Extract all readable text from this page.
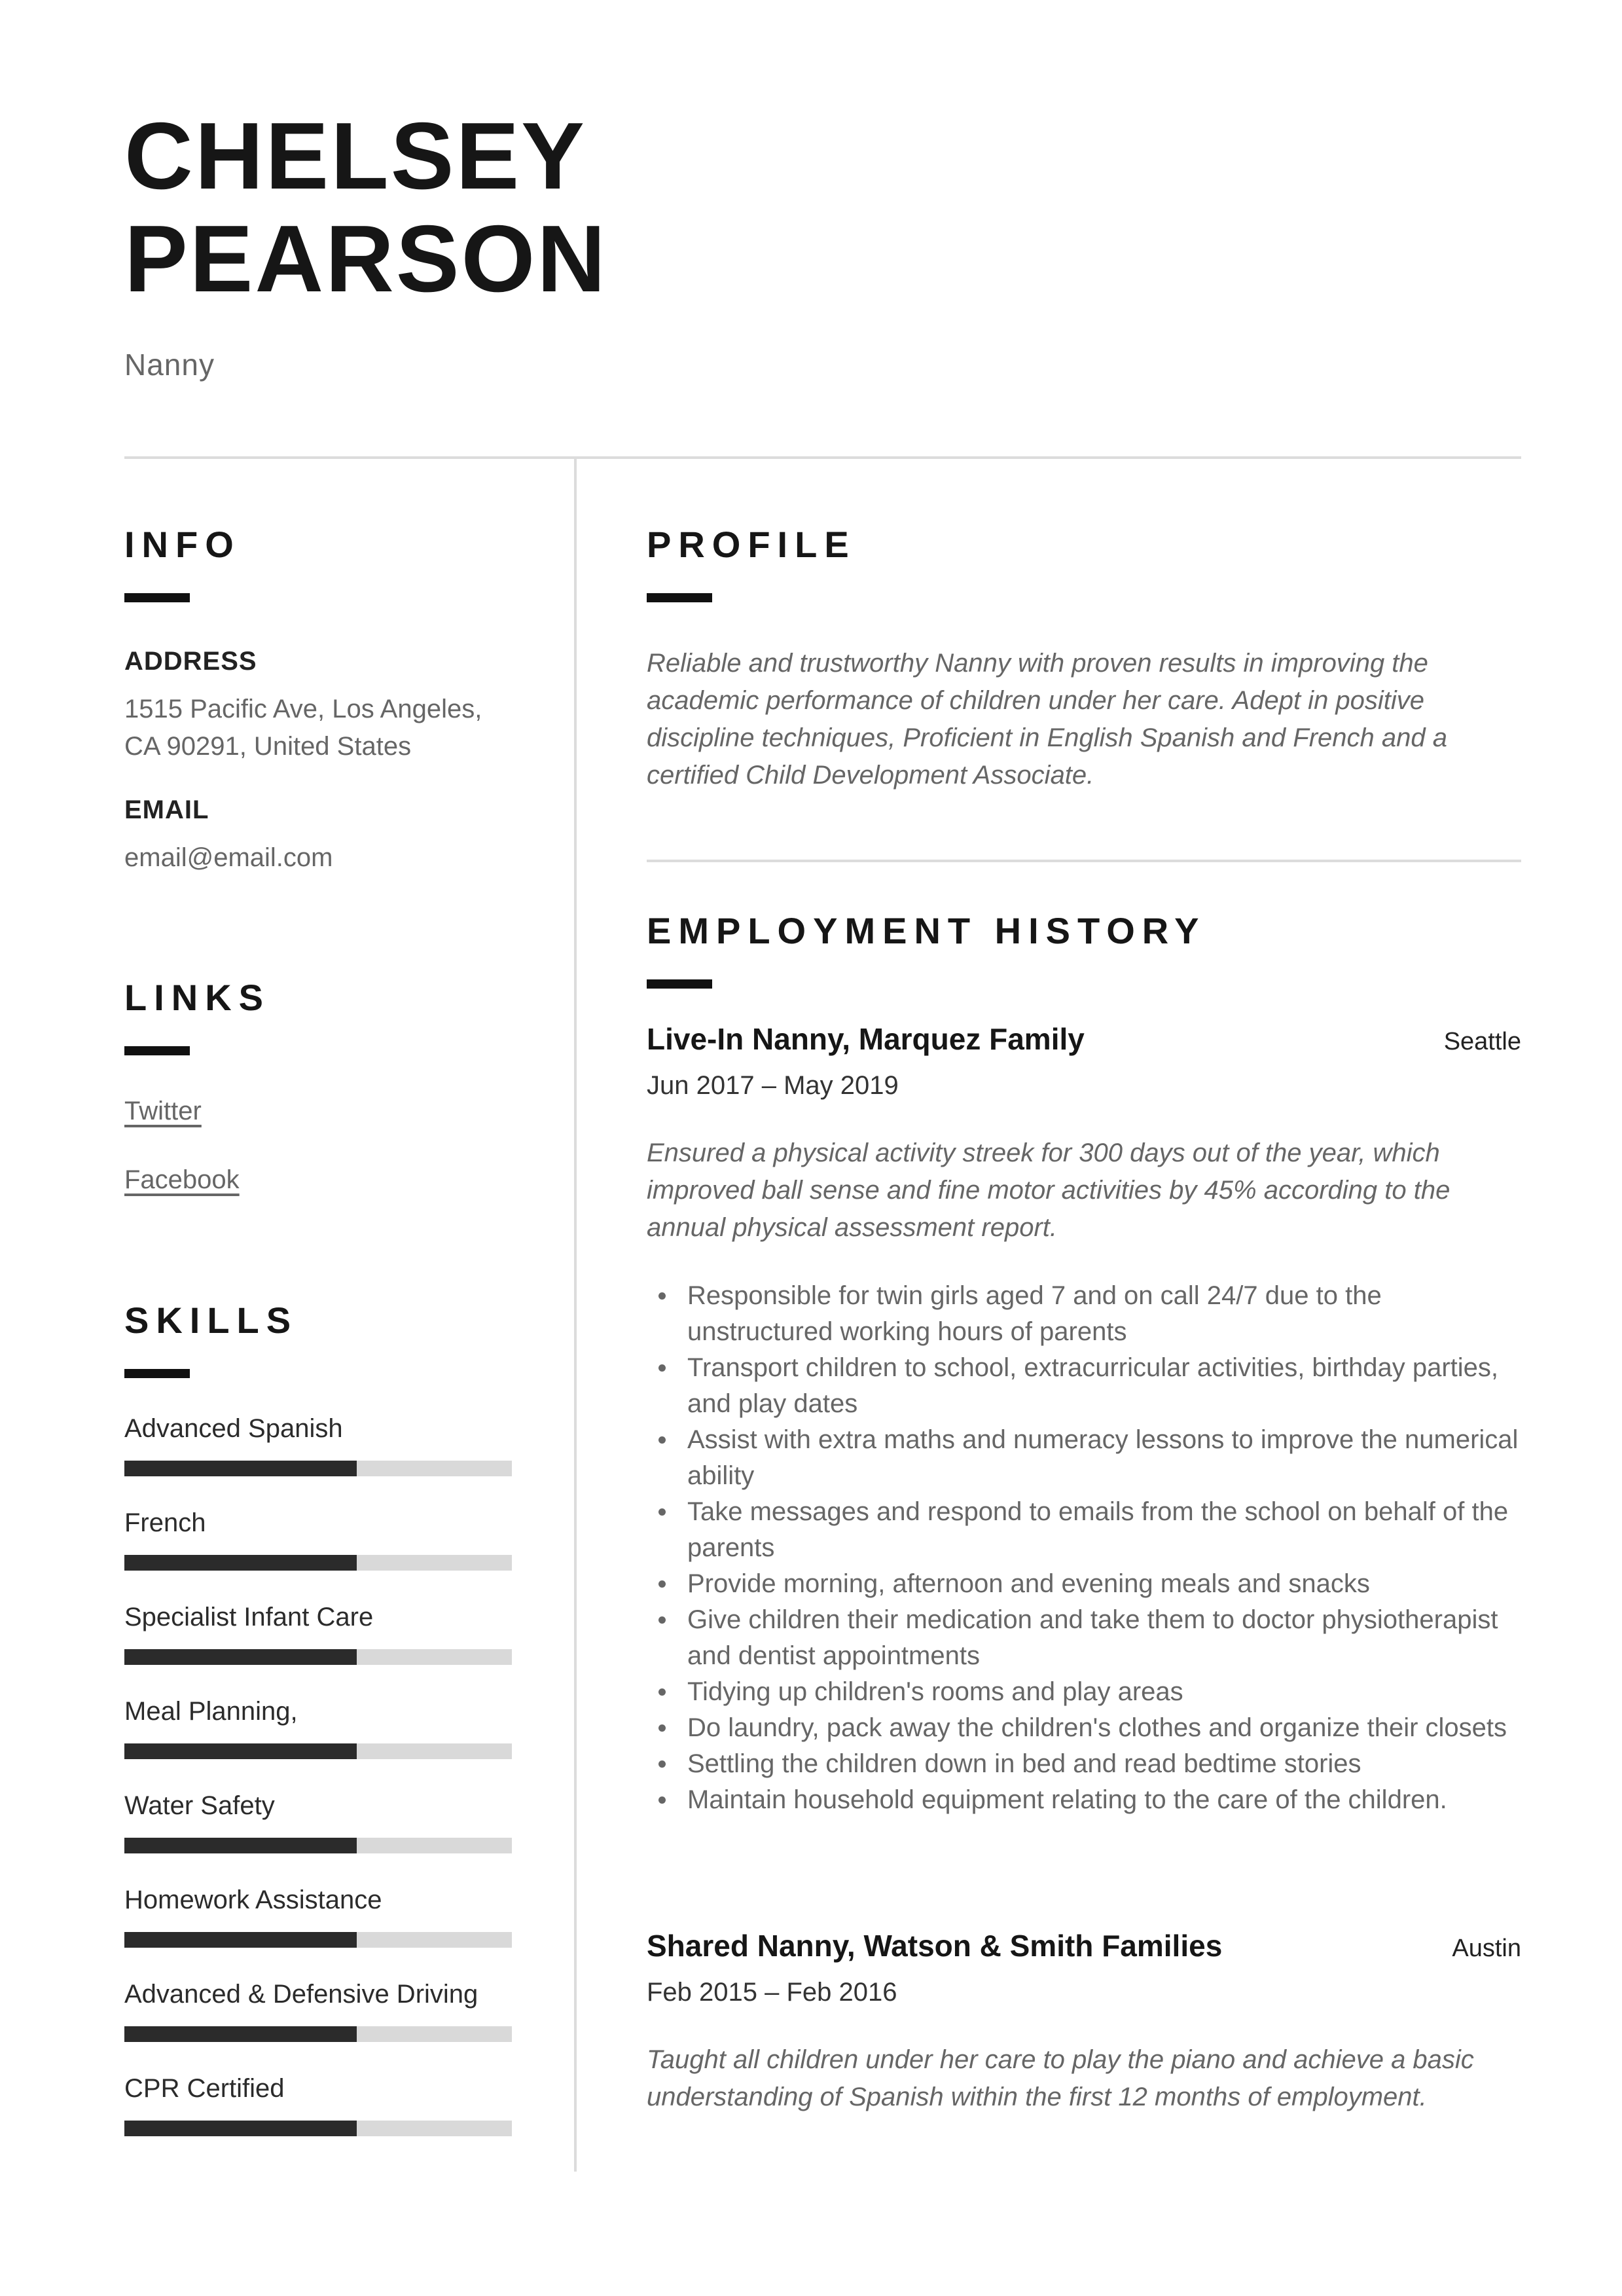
CHELSEY
PEARSON
Nanny
INFO
ADDRESS
1515 Pacific Ave, Los Angeles, CA 90291, United States
EMAIL
email@email.com
LINKS
Twitter
Facebook
SKILLS
Advanced Spanish
French
Specialist Infant Care
Meal Planning,
Water Safety
Homework Assistance
Advanced & Defensive Driving
CPR Certified
PROFILE
Reliable and trustworthy Nanny with proven results in improving the academic performance of children under her care. Adept in positive discipline techniques, Proficient in English Spanish and French and a certified Child Development Associate.
EMPLOYMENT HISTORY
Live-In Nanny, Marquez Family	Seattle
Jun 2017 – May 2019
Ensured a physical activity streek for 300 days out of the year, which improved ball sense and fine motor activities by 45% according to the annual physical assessment report.
Responsible for twin girls aged 7 and on call 24/7 due to the unstructured working hours of parents
Transport children to school, extracurricular activities, birthday parties, and play dates
Assist with extra maths and numeracy lessons to improve the numerical ability
Take messages and respond to emails from the school on behalf of the parents
Provide morning, afternoon and evening meals and snacks
Give children their medication and take them to doctor physiotherapist and dentist appointments
Tidying up children's rooms and play areas
Do laundry, pack away the children's clothes and organize their closets
Settling the children down in bed and read bedtime stories
Maintain household equipment relating to the care of the children.
Shared Nanny, Watson & Smith Families	Austin
Feb 2015 – Feb 2016
Taught all children under her care to play the piano and achieve a basic understanding of Spanish within the first 12 months of employment.
